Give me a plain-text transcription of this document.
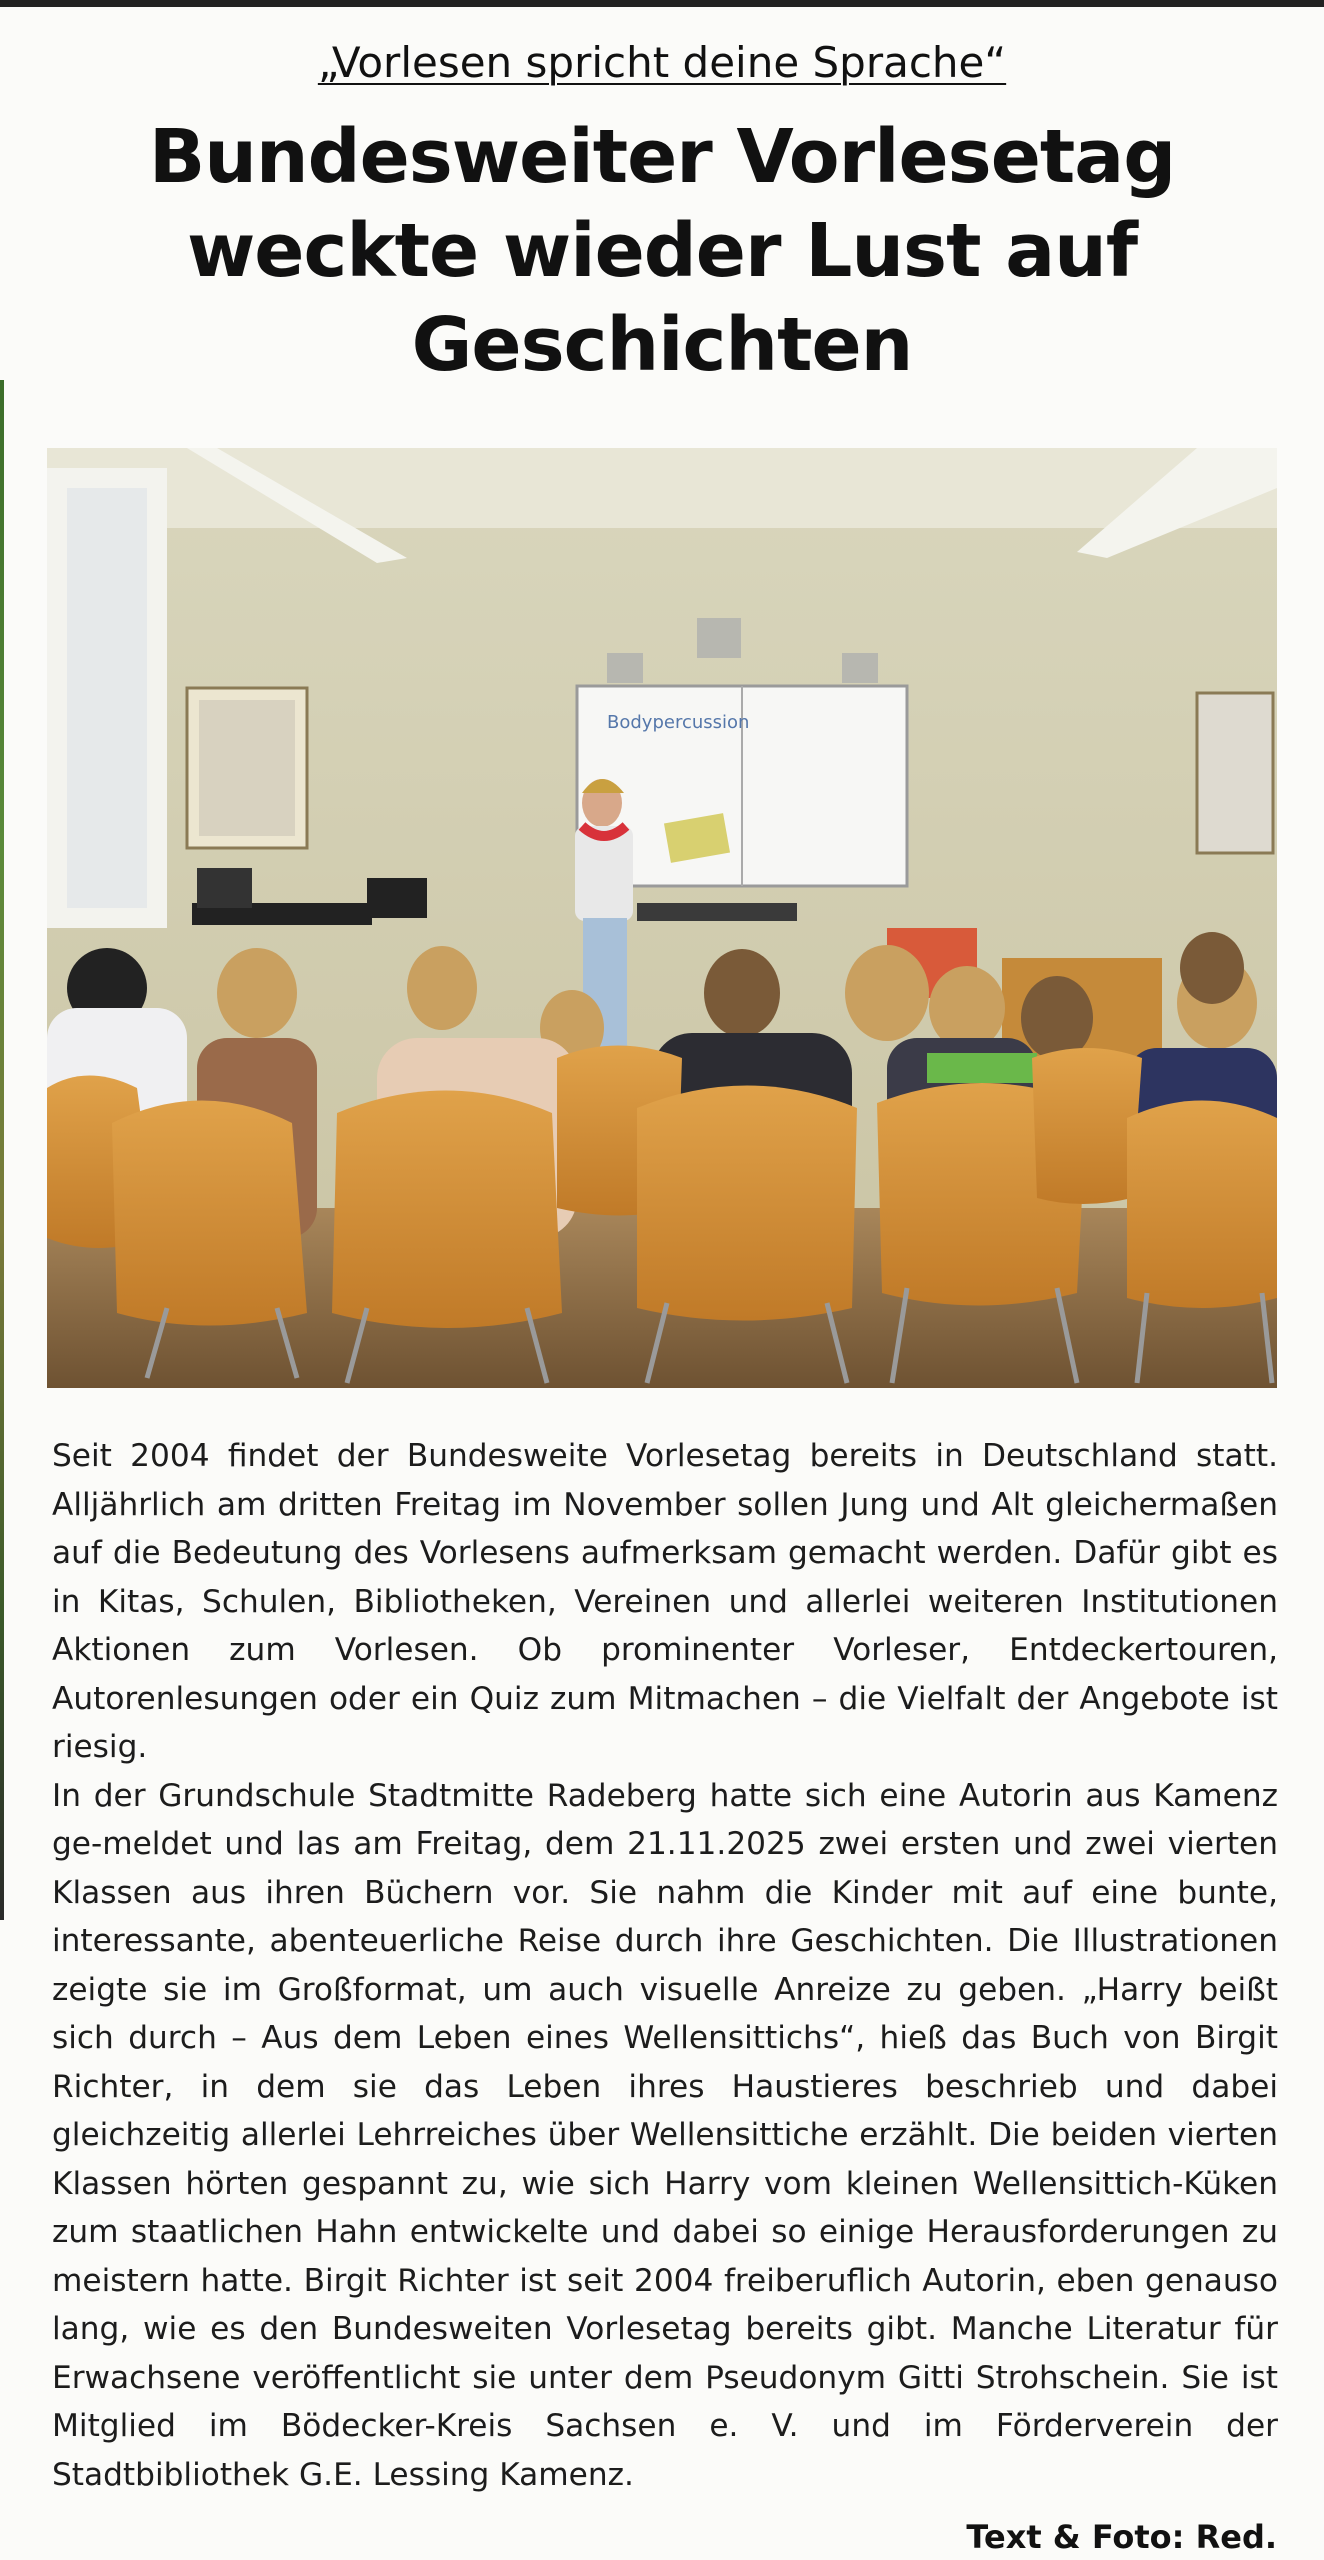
„Vorlesen spricht deine Sprache“
Bundesweiter Vorlesetag weckte wieder Lust auf Geschichten
Bodypercussion

Seit 2004 findet der Bundesweite Vorlesetag bereits in Deutschland statt. Alljährlich am dritten Freitag im November sollen Jung und Alt gleichermaßen auf die Bedeutung des Vorlesens aufmerksam gemacht werden. Dafür gibt es in Kitas, Schulen, Bibliotheken, Vereinen und allerlei weiteren Institutionen Aktionen zum Vorlesen. Ob prominenter Vorleser, Entdeckertouren, Autorenlesungen oder ein Quiz zum Mitmachen – die Vielfalt der Angebote ist riesig.

In der Grundschule Stadtmitte Radeberg hatte sich eine Autorin aus Kamenz ge-meldet und las am Freitag, dem 21.11.2025 zwei ersten und zwei vierten Klassen aus ihren Büchern vor. Sie nahm die Kinder mit auf eine bunte, interessante, abenteuerliche Reise durch ihre Geschichten. Die Illustrationen zeigte sie im Großformat, um auch visuelle Anreize zu geben. „Harry beißt sich durch – Aus dem Leben eines Wellensittichs“, hieß das Buch von Birgit Richter, in dem sie das Leben ihres Haustieres beschrieb und dabei gleichzeitig allerlei Lehrreiches über Wellensittiche erzählt. Die beiden vierten Klassen hörten gespannt zu, wie sich Harry vom kleinen Wellensittich-Küken zum staatlichen Hahn entwickelte und dabei so einige Herausforderungen zu meistern hatte. Birgit Richter ist seit 2004 freiberuflich Autorin, eben genauso lang, wie es den Bundesweiten Vorlesetag bereits gibt. Manche Literatur für Erwachsene veröffentlicht sie unter dem Pseudonym Gitti Strohschein. Sie ist Mitglied im Bödecker-Kreis Sachsen e. V. und im Förderverein der Stadtbibliothek G.E. Lessing Kamenz.

Text & Foto: Red.
